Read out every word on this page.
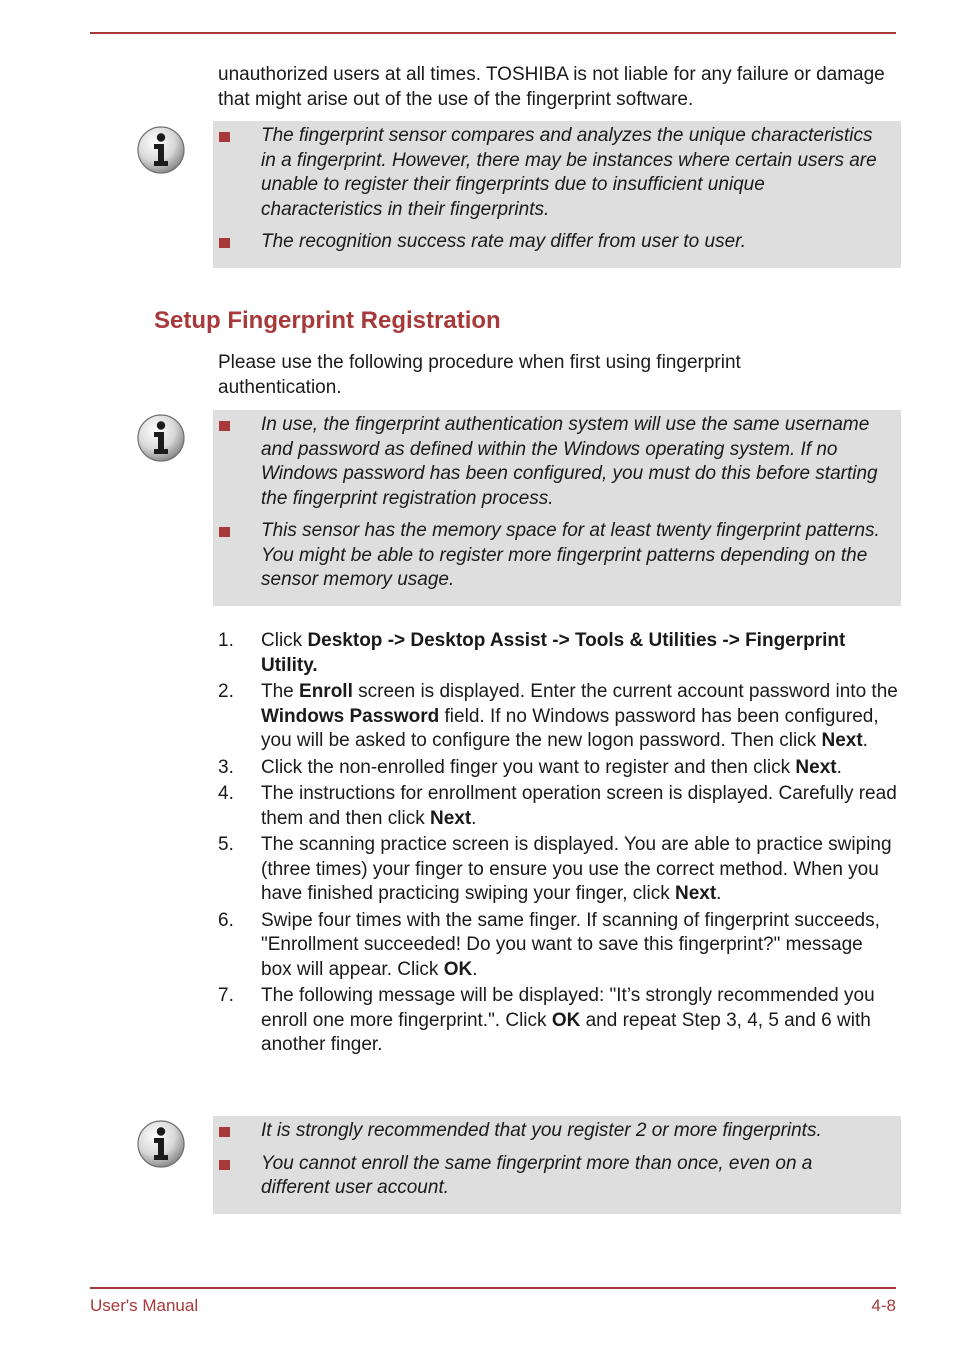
unauthorized users at all times. TOSHIBA is not liable for any failure or damage that might arise out of the use of the fingerprint software.

The fingerprint sensor compares and analyzes the unique characteristics in a fingerprint. However, there may be instances where certain users are unable to register their fingerprints due to insufficient unique characteristics in their fingerprints.
The recognition success rate may differ from user to user.
Setup Fingerprint Registration

Please use the following procedure when first using fingerprint authentication.

In use, the fingerprint authentication system will use the same username and password as defined within the Windows operating system. If no Windows password has been configured, you must do this before starting the fingerprint registration process.
This sensor has the memory space for at least twenty fingerprint patterns. You might be able to register more fingerprint patterns depending on the sensor memory usage.
1. Click Desktop -> Desktop Assist -> Tools & Utilities -> Fingerprint Utility.
2. The Enroll screen is displayed. Enter the current account password into the Windows Password field. If no Windows password has been configured, you will be asked to configure the new logon password. Then click Next.
3. Click the non-enrolled finger you want to register and then click Next.
4. The instructions for enrollment operation screen is displayed. Carefully read them and then click Next.
5. The scanning practice screen is displayed. You are able to practice swiping (three times) your finger to ensure you use the correct method. When you have finished practicing swiping your finger, click Next.
6. Swipe four times with the same finger. If scanning of fingerprint succeeds, "Enrollment succeeded! Do you want to save this fingerprint?" message box will appear. Click OK.
7. The following message will be displayed: "It’s strongly recommended you enroll one more fingerprint.". Click OK and repeat Step 3, 4, 5 and 6 with another finger.
It is strongly recommended that you register 2 or more fingerprints.
You cannot enroll the same fingerprint more than once, even on a different user account.
User's Manual	4-8
